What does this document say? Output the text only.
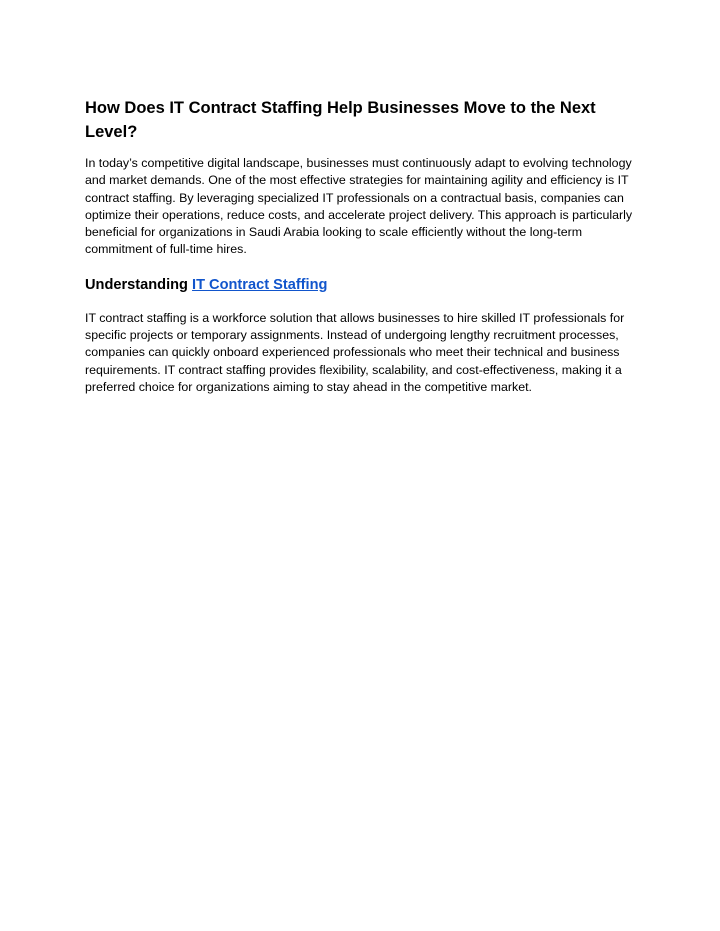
How Does IT Contract Staffing Help Businesses Move to the Next Level?

In today’s competitive digital landscape, businesses must continuously adapt to evolving technology and market demands. One of the most effective strategies for maintaining agility and efficiency is IT contract staffing. By leveraging specialized IT professionals on a contractual basis, companies can optimize their operations, reduce costs, and accelerate project delivery. This approach is particularly beneficial for organizations in Saudi Arabia looking to scale efficiently without the long-term commitment of full-time hires.

Understanding IT Contract Staffing

IT contract staffing is a workforce solution that allows businesses to hire skilled IT professionals for specific projects or temporary assignments. Instead of undergoing lengthy recruitment processes, companies can quickly onboard experienced professionals who meet their technical and business requirements. IT contract staffing provides flexibility, scalability, and cost-effectiveness, making it a preferred choice for organizations aiming to stay ahead in the competitive market.
